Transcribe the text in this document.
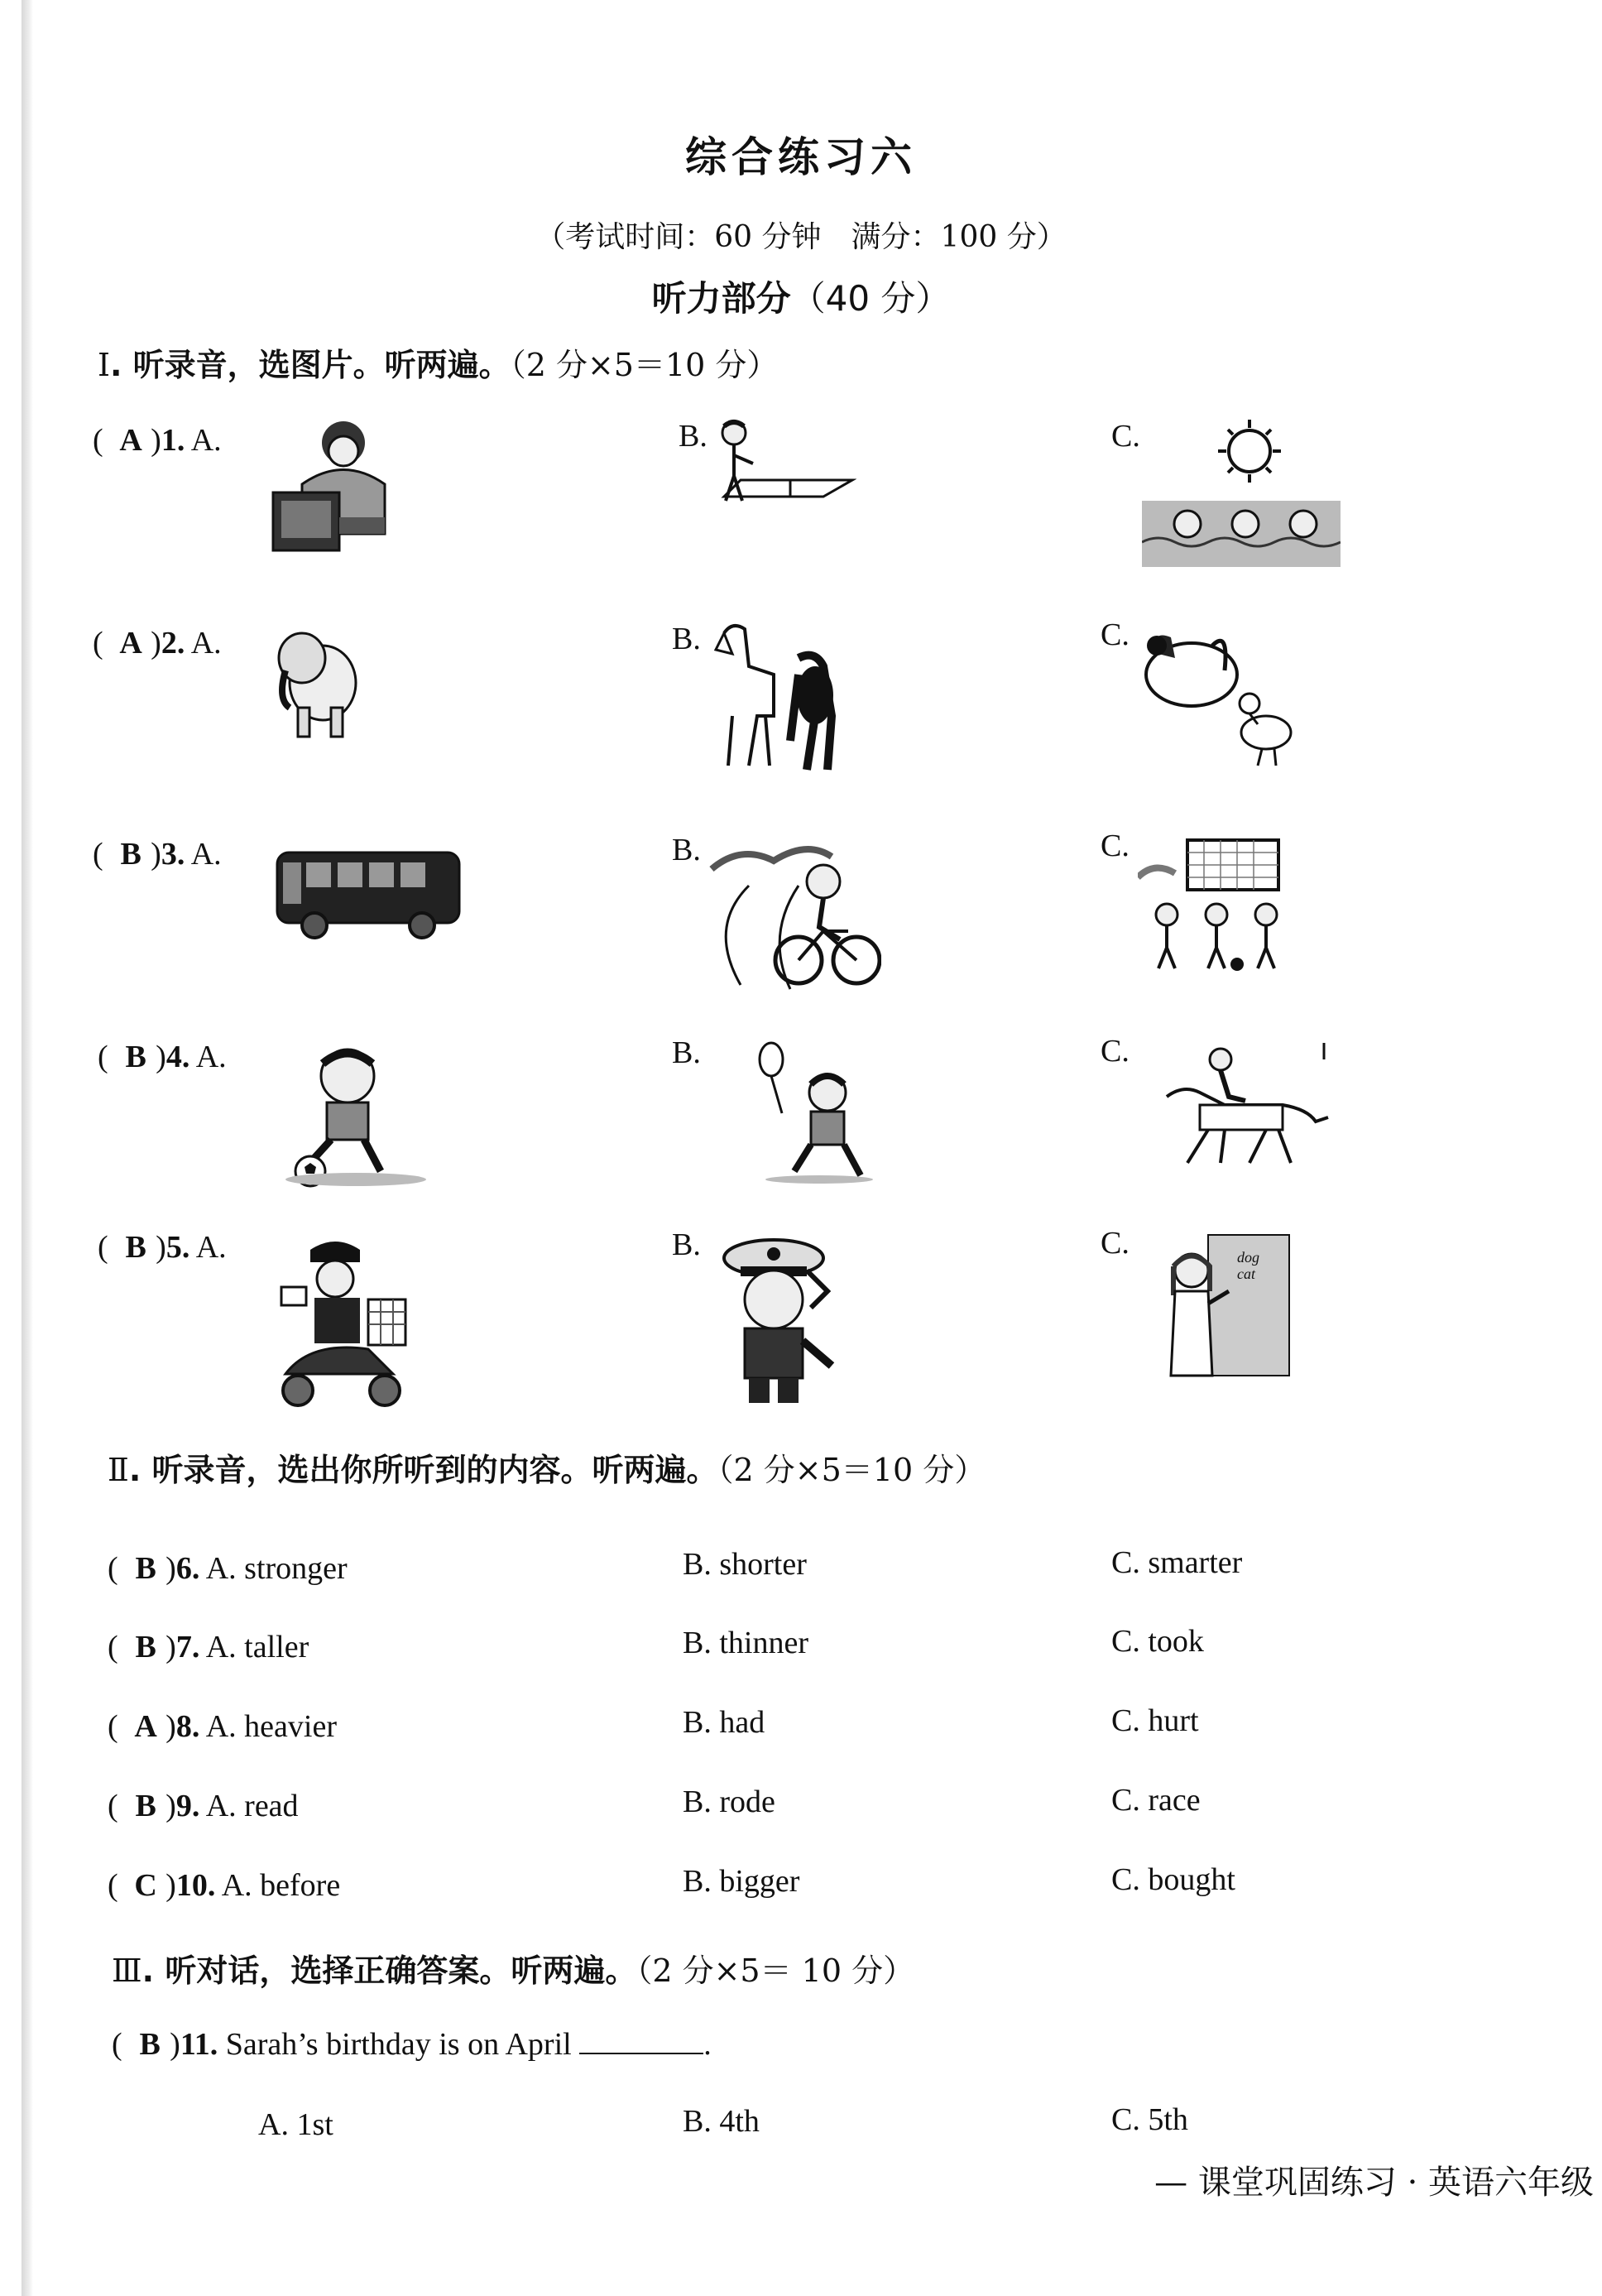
综合练习六
（考试时间：60 分钟　满分：100 分）
听力部分（40 分）
Ⅰ. 听录音，选图片。听两遍。（2 分×5＝10 分）
( A )1. A.	B.	C.
( A )2. A.	B.	C.
( B )3. A.	B.	C.
( B )4. A.	B.	C.
( B )5. A.	B.	C.	dog
cat
Ⅱ. 听录音，选出你所听到的内容。听两遍。（2 分×5＝10 分）
( B )6. A. stronger	B. shorter	C. smarter
( B )7. A. taller	B. thinner	C. took
( A )8. A. heavier	B. had	C. hurt
( B )9. A. read	B. rode	C. race
( C )10. A. before	B. bigger	C. bought
Ⅲ. 听对话，选择正确答案。听两遍。（2 分×5＝ 10 分）
( B )11. Sarah’s birthday is on April	.
A. 1st	B. 4th	C. 5th
— 课堂巩固练习 · 英语六年级
